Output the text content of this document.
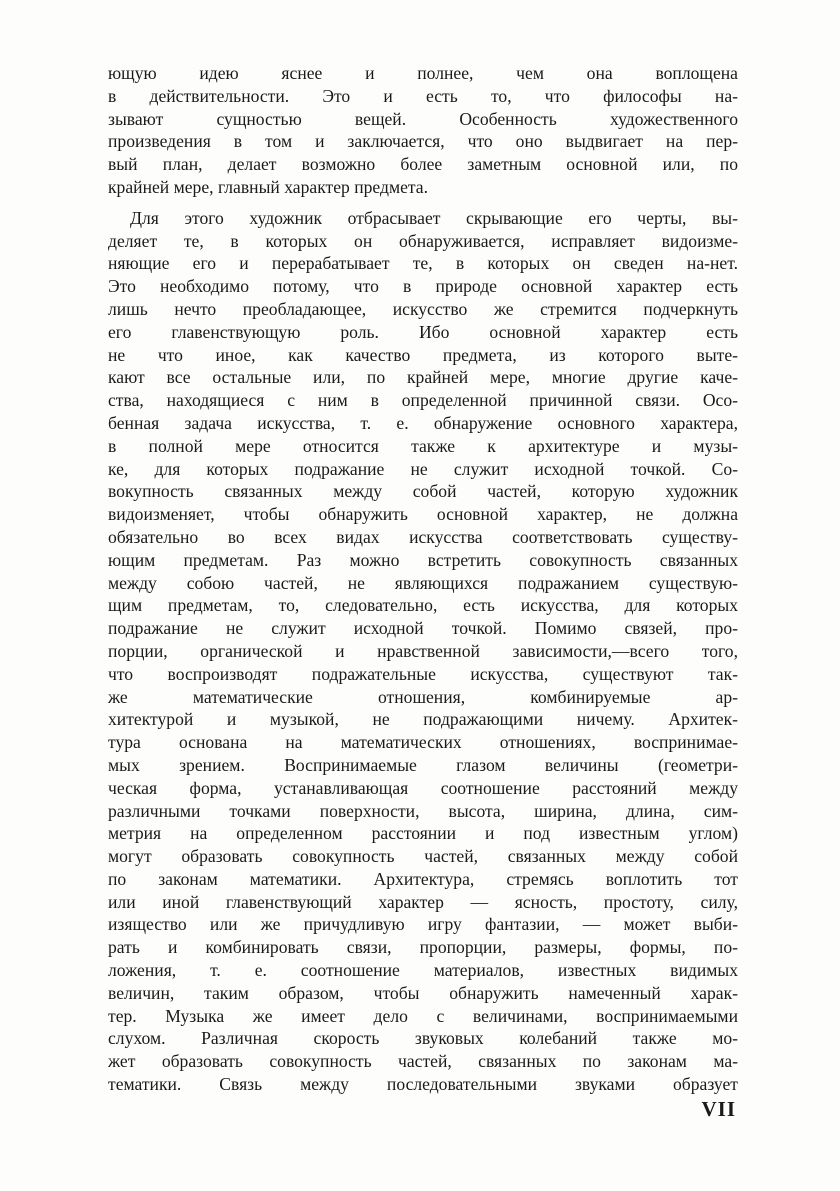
ющую идею яснее и полнее, чем она воплощена
в действительности. Это и есть то, что философы на-
зывают сущностью вещей. Особенность художественного
произведения в том и заключается, что оно выдвигает на пер-
вый план, делает возможно более заметным основной или, по
крайней мере, главный характер предмета.
Для этого художник отбрасывает скрывающие его черты, вы-
деляет те, в которых он обнаруживается, исправляет видоизме-
няющие его и перерабатывает те, в которых он сведен на-нет.
Это необходимо потому, что в природе основной характер есть
лишь нечто преобладающее, искусство же стремится подчеркнуть
его главенствующую роль. Ибо основной характер есть
не что иное, как качество предмета, из которого выте-
кают все остальные или, по крайней мере, многие другие каче-
ства, находящиеся с ним в определенной причинной связи. Осо-
бенная задача искусства, т. е. обнаружение основного характера,
в полной мере относится также к архитектуре и музы-
ке, для которых подражание не служит исходной точкой. Со-
вокупность связанных между собой частей, которую художник
видоизменяет, чтобы обнаружить основной характер, не должна
обязательно во всех видах искусства соответствовать существу-
ющим предметам. Раз можно встретить совокупность связанных
между собою частей, не являющихся подражанием существую-
щим предметам, то, следовательно, есть искусства, для которых
подражание не служит исходной точкой. Помимо связей, про-
порции, органической и нравственной зависимости,—всего того,
что воспроизводят подражательные искусства, существуют так-
же математические отношения, комбинируемые ар-
хитектурой и музыкой, не подражающими ничему. Архитек-
тура основана на математических отношениях, воспринимае-
мых зрением. Воспринимаемые глазом величины (геометри-
ческая форма, устанавливающая соотношение расстояний между
различными точками поверхности, высота, ширина, длина, сим-
метрия на определенном расстоянии и под известным углом)
могут образовать совокупность частей, связанных между собой
по законам математики. Архитектура, стремясь воплотить тот
или иной главенствующий характер — ясность, простоту, силу,
изящество или же причудливую игру фантазии, — может выби-
рать и комбинировать связи, пропорции, размеры, формы, по-
ложения, т. е. соотношение материалов, известных видимых
величин, таким образом, чтобы обнаружить намеченный харак-
тер. Музыка же имеет дело с величинами, воспринимаемыми
слухом. Различная скорость звуковых колебаний также мо-
жет образовать совокупность частей, связанных по законам ма-
тематики. Связь между последовательными звуками образует
VII
